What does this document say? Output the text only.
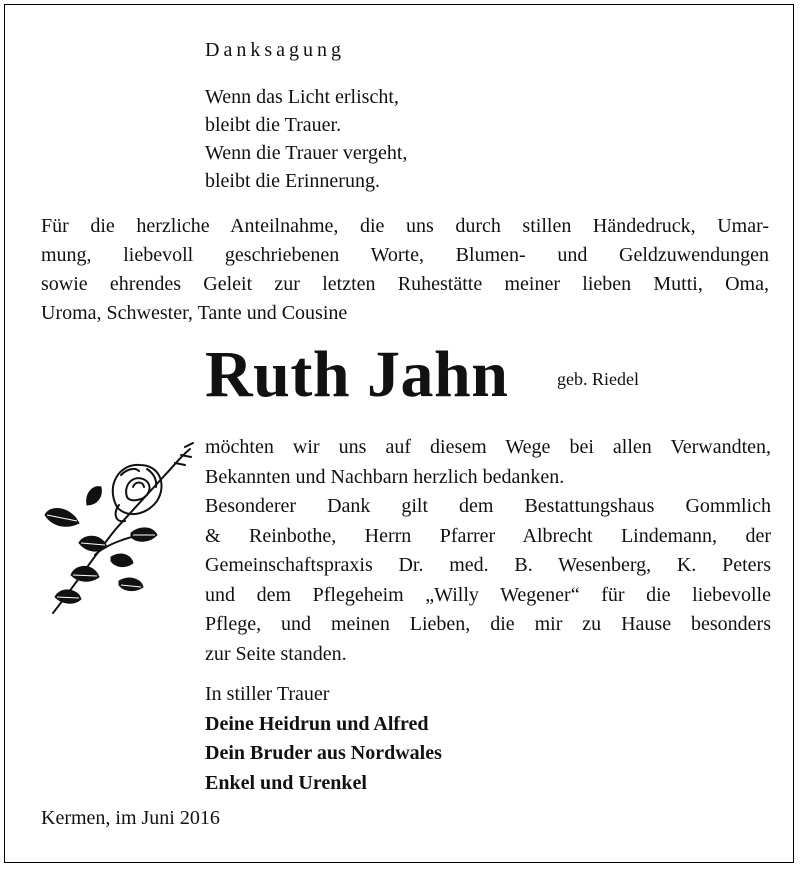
Danksagung
Wenn das Licht erlischt,
bleibt die Trauer.
Wenn die Trauer vergeht,
bleibt die Erinnerung.
Für die herzliche Anteilnahme, die uns durch stillen Händedruck, Umar-
mung, liebevoll geschriebenen Worte, Blumen- und Geldzuwendungen
sowie ehrendes Geleit zur letzten Ruhestätte meiner lieben Mutti, Oma,
Uroma, Schwester, Tante und Cousine
Ruth Jahn	geb. Riedel
möchten wir uns auf diesem Wege bei allen Verwandten,
Bekannten und Nachbarn herzlich bedanken.
Besonderer Dank gilt dem Bestattungshaus Gommlich
& Reinbothe, Herrn Pfarrer Albrecht Lindemann, der
Gemeinschaftspraxis Dr. med. B. Wesenberg, K. Peters
und dem Pflegeheim „Willy Wegener“ für die liebevolle
Pflege, und meinen Lieben, die mir zu Hause besonders
zur Seite standen.
In stiller Trauer
Deine Heidrun und Alfred
Dein Bruder aus Nordwales
Enkel und Urenkel
Kermen, im Juni 2016
